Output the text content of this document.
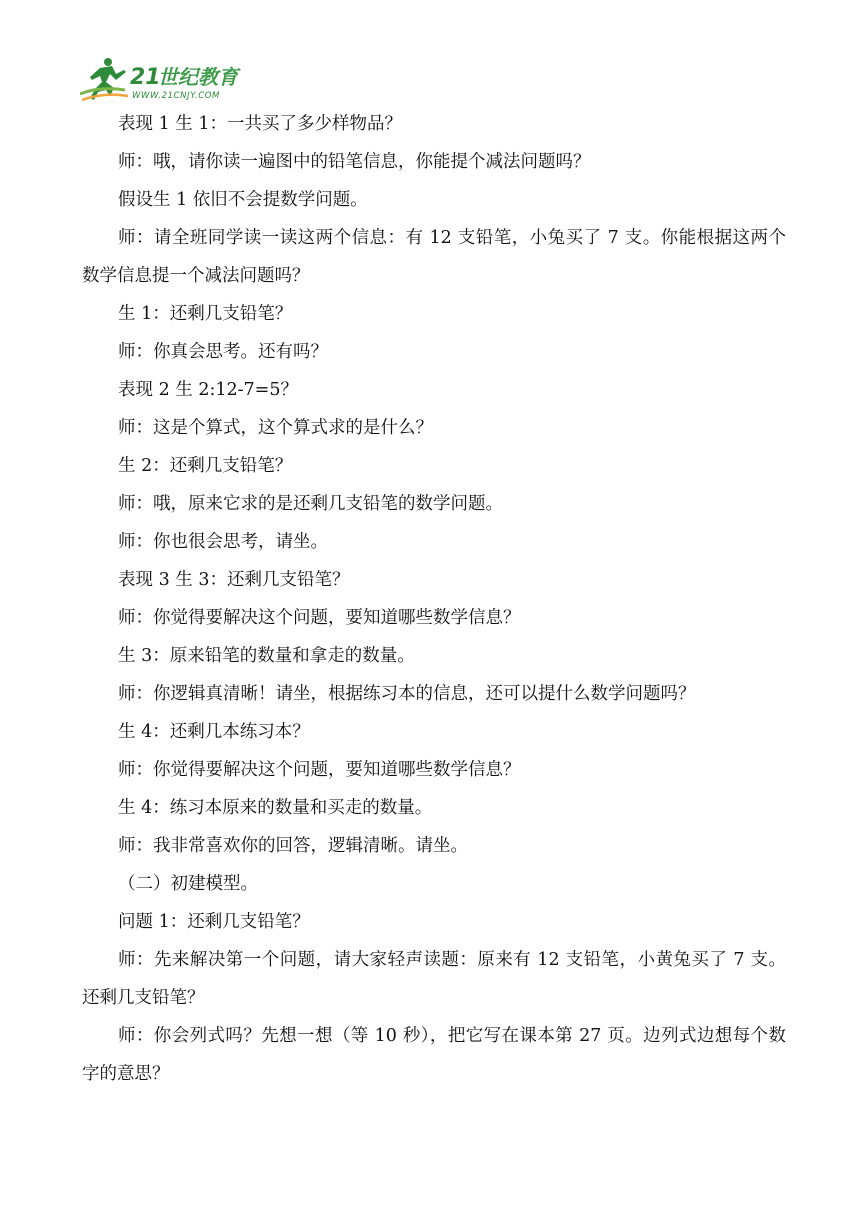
21
世纪教育
WWW.21CNJY.COM

表现 1 生 1：一共买了多少样物品？

师：哦，请你读一遍图中的铅笔信息，你能提个减法问题吗？

假设生 1 依旧不会提数学问题。

师：请全班同学读一读这两个信息：有 12 支铅笔，小兔买了 7 支。你能根据这两个数学信息提一个减法问题吗？

生 1：还剩几支铅笔？

师：你真会思考。还有吗？

表现 2 生 2:12-7=5？

师：这是个算式，这个算式求的是什么？

生 2：还剩几支铅笔？

师：哦，原来它求的是还剩几支铅笔的数学问题。

师：你也很会思考，请坐。

表现 3 生 3：还剩几支铅笔？

师：你觉得要解决这个问题，要知道哪些数学信息？

生 3：原来铅笔的数量和拿走的数量。

师：你逻辑真清晰！请坐，根据练习本的信息，还可以提什么数学问题吗？

生 4：还剩几本练习本？

师：你觉得要解决这个问题，要知道哪些数学信息？

生 4：练习本原来的数量和买走的数量。

师：我非常喜欢你的回答，逻辑清晰。请坐。

（二）初建模型。

问题 1：还剩几支铅笔？

师：先来解决第一个问题，请大家轻声读题：原来有 12 支铅笔，小黄兔买了 7 支。还剩几支铅笔？

师：你会列式吗？先想一想（等 10 秒），把它写在课本第 27 页。边列式边想每个数字的意思？
